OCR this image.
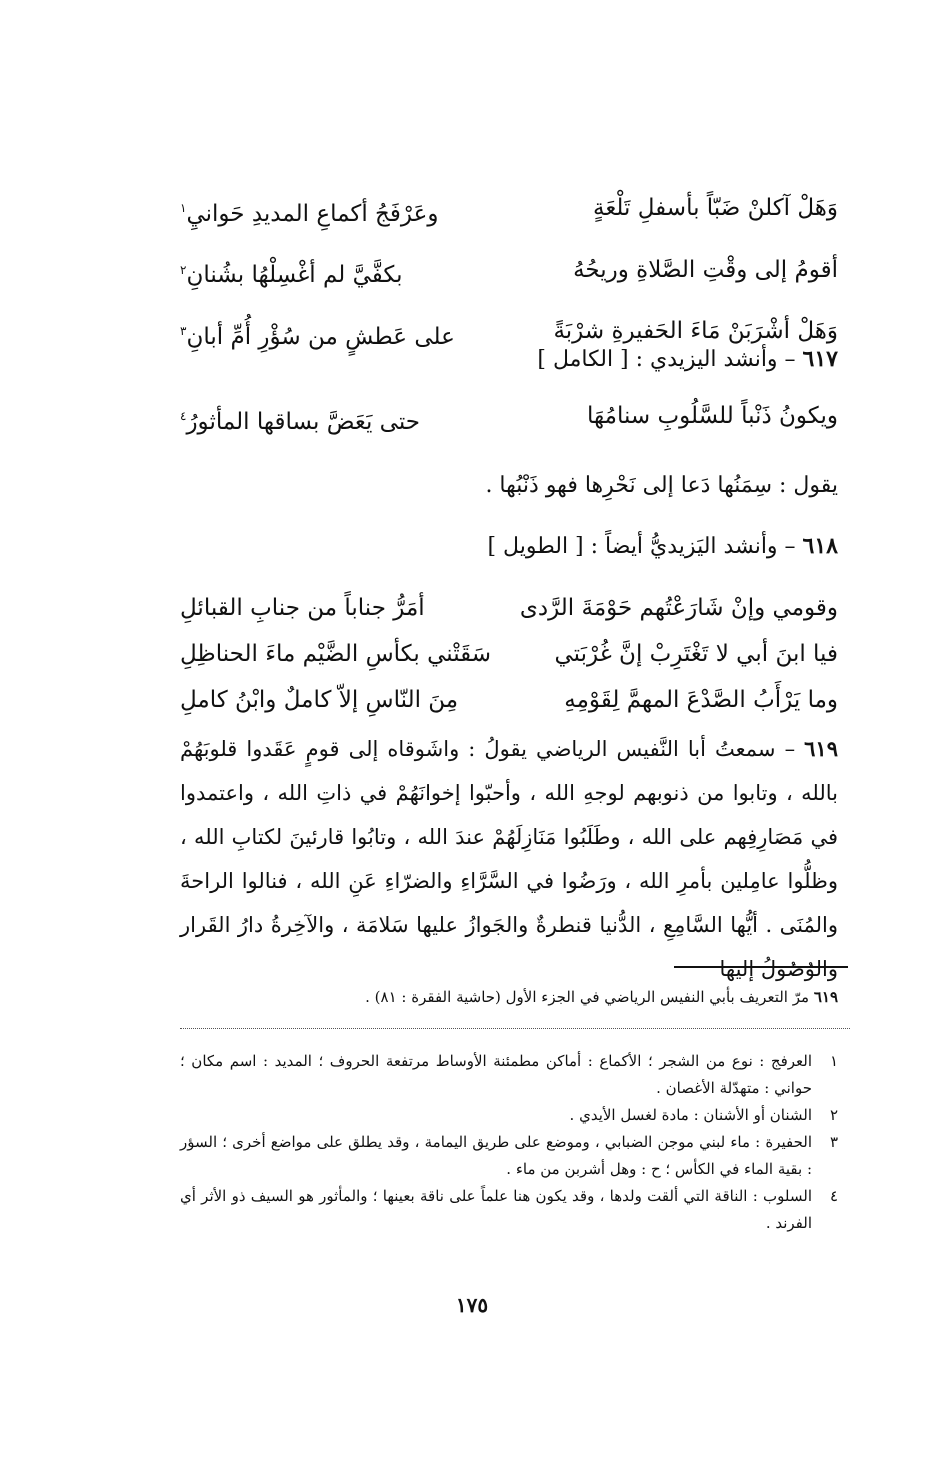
وَهَلْ آكلنْ ضَبّاً بأسفلِ تَلْعَةٍ
وعَرْفَجُ أكماعِ المديدِ حَوانيِ$^١$
أقومُ إلى وقْتِ الصَّلاةِ وريحُهُ
بكفَّيَّ لم أغْسِلْهُا بشُنانِ$^٢$
وَهَلْ أشْرَبَنْ مَاءَ الحَفيرةِ شرْبَةً
على عَطشٍ من سُؤْرِ أُمِّ أبانِ$^٣$
٦١٧ – وأنشد اليزيدي : [ الكامل ]
ويكونُ ذَنْباً للسَّلُوبِ سنامُهَا
حتى يَعَضَّ بساقها المأثورُ$^٤$
يقول : سِمَنُها دَعا إلى نَحْرِها فهو ذَنْبُها .
٦١٨ – وأنشد اليَزيديُّ أيضاً : [ الطويل ]
وقومي وإنْ شَارَعْتُهم حَوْمَةَ الرَّدى
أمَرُّ جناباً من جنابِ القبائلِ
فيا ابنَ أبي لا تَغْتَرِبْ إنَّ غُرْبَتي
سَقَتْني بكأسِ الضَّيْم ماءَ الحناظِلِ
وما يَرْأَبُ الصَّدْعَ المهمَّ لِقَوْمِهِ
مِنَ النّاسِ إلاّ كاملٌ وابْنُ كاملِ
٦١٩ – سمعتُ أبا النَّفيس الرياضي يقولُ : واشَوقاه إلى قومٍ عَقَدوا قلوبَهُمْ بالله ، وتابوا من ذنوبهم لوجهِ الله ، وأحبّوا إخوانَهُمْ في ذاتِ الله ، واعتمدوا في مَصَارِفِهم على الله ، وطَلَبُوا مَنَازِلَهُمْ عندَ الله ، وتابُوا قارئينَ لكتابِ الله ، وظلُّوا عامِلين بأمرِ الله ، ورَضُوا في السَّرَّاءِ والضرّاءِ عَنِ الله ، فنالوا الراحةَ والمُنَى . أيُّها السَّامِعِ ، الدُّنيا قنطرةٌ والجَوازُ عليها سَلامَة ، والآخِرةُ دارُ القَرار والوُصُولُ إليها
٦١٩ مرّ التعريف بأبي النفيس الرياضي في الجزء الأول (حاشية الفقرة : ٨١) .
١
العرفج : نوع من الشجر ؛ الأكماع : أماكن مطمئنة الأوساط مرتفعة الحروف ؛ المديد : اسم مكان ؛ حواني : متهدّلة الأغصان .
٢
الشنان أو الأشنان : مادة لغسل الأيدي .
٣
الحفيرة : ماء لبني موجن الضبابي ، وموضع على طريق اليمامة ، وقد يطلق على مواضع أخرى ؛ السؤر : بقية الماء في الكأس ؛ ح : وهل أشربن من ماء .
٤
السلوب : الناقة التي ألقت ولدها ، وقد يكون هنا علماً على ناقة بعينها ؛ والمأثور هو السيف ذو الأثر أي الفرند .
١٧٥
